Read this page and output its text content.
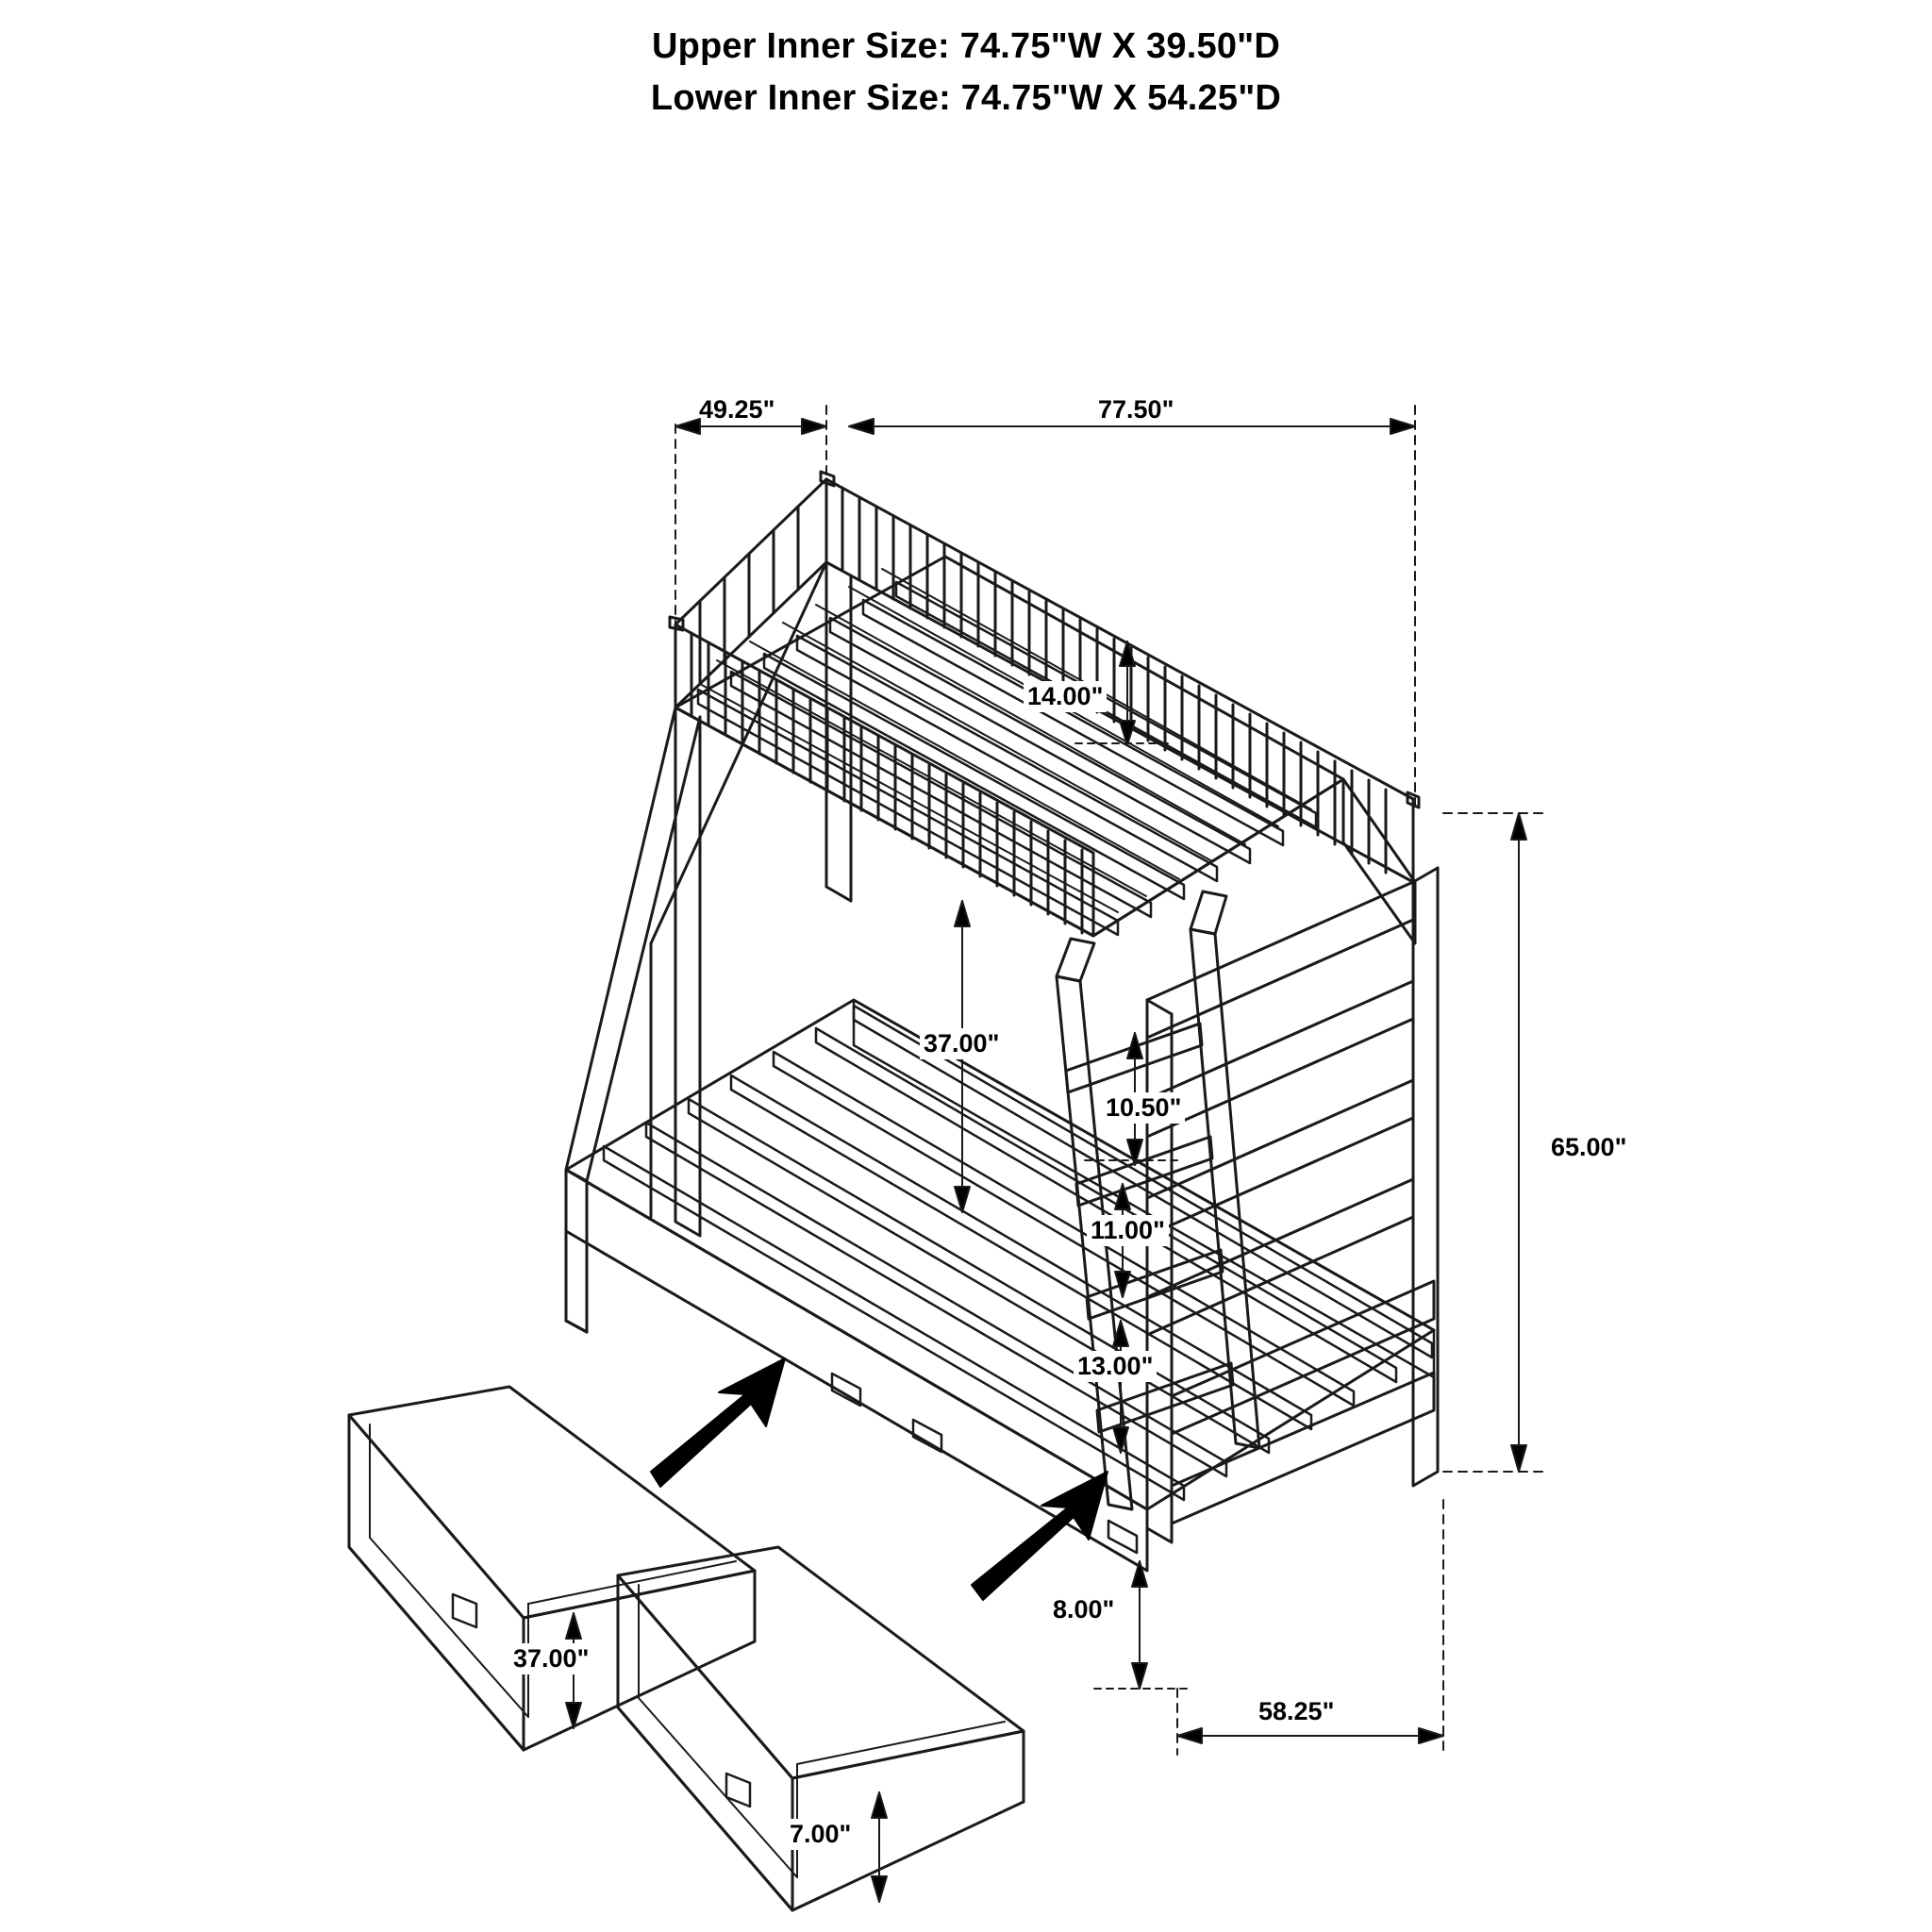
Upper Inner Size: 74.75"W X 39.50"D
Lower Inner Size: 74.75"W X 54.25"D
49.25"	77.50"
14.00"
37.00"
10.50"
11.00"
65.00"
13.00"
8.00"
58.25"
37.00"
7.00"
